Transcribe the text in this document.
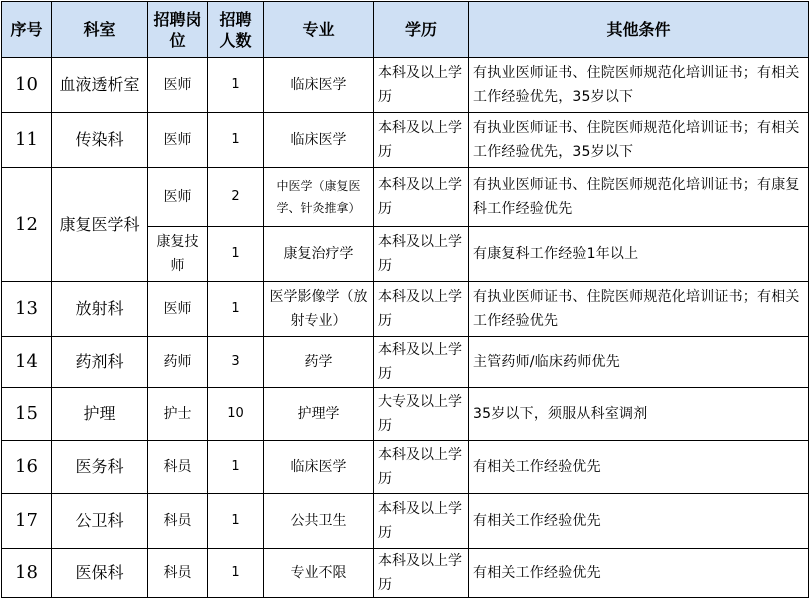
序号	科室	招聘岗位	招聘人数	专业	学历	其他条件
10	血液透析室	医师	1	临床医学	本科及以上学历	有执业医师证书、住院医师规范化培训证书；有相关工作经验优先，35岁以下
11	传染科	医师	1	临床医学	本科及以上学历	有执业医师证书、住院医师规范化培训证书；有相关工作经验优先，35岁以下
12	康复医学科	医师	2	中医学（康复医学、针灸推拿）	本科及以上学历	有执业医师证书、住院医师规范化培训证书；有康复科工作经验优先
		康复技师	1	康复治疗学	本科及以上学历	有康复科工作经验1年以上
13	放射科	医师	1	医学影像学（放射专业）	本科及以上学历	有执业医师证书、住院医师规范化培训证书；有相关工作经验优先
14	药剂科	药师	3	药学	本科及以上学历	主管药师/临床药师优先
15	护理	护士	10	护理学	大专及以上学历	35岁以下，须服从科室调剂
16	医务科	科员	1	临床医学	本科及以上学历	有相关工作经验优先
17	公卫科	科员	1	公共卫生	本科及以上学历	有相关工作经验优先
18	医保科	科员	1	专业不限	本科及以上学历	有相关工作经验优先
